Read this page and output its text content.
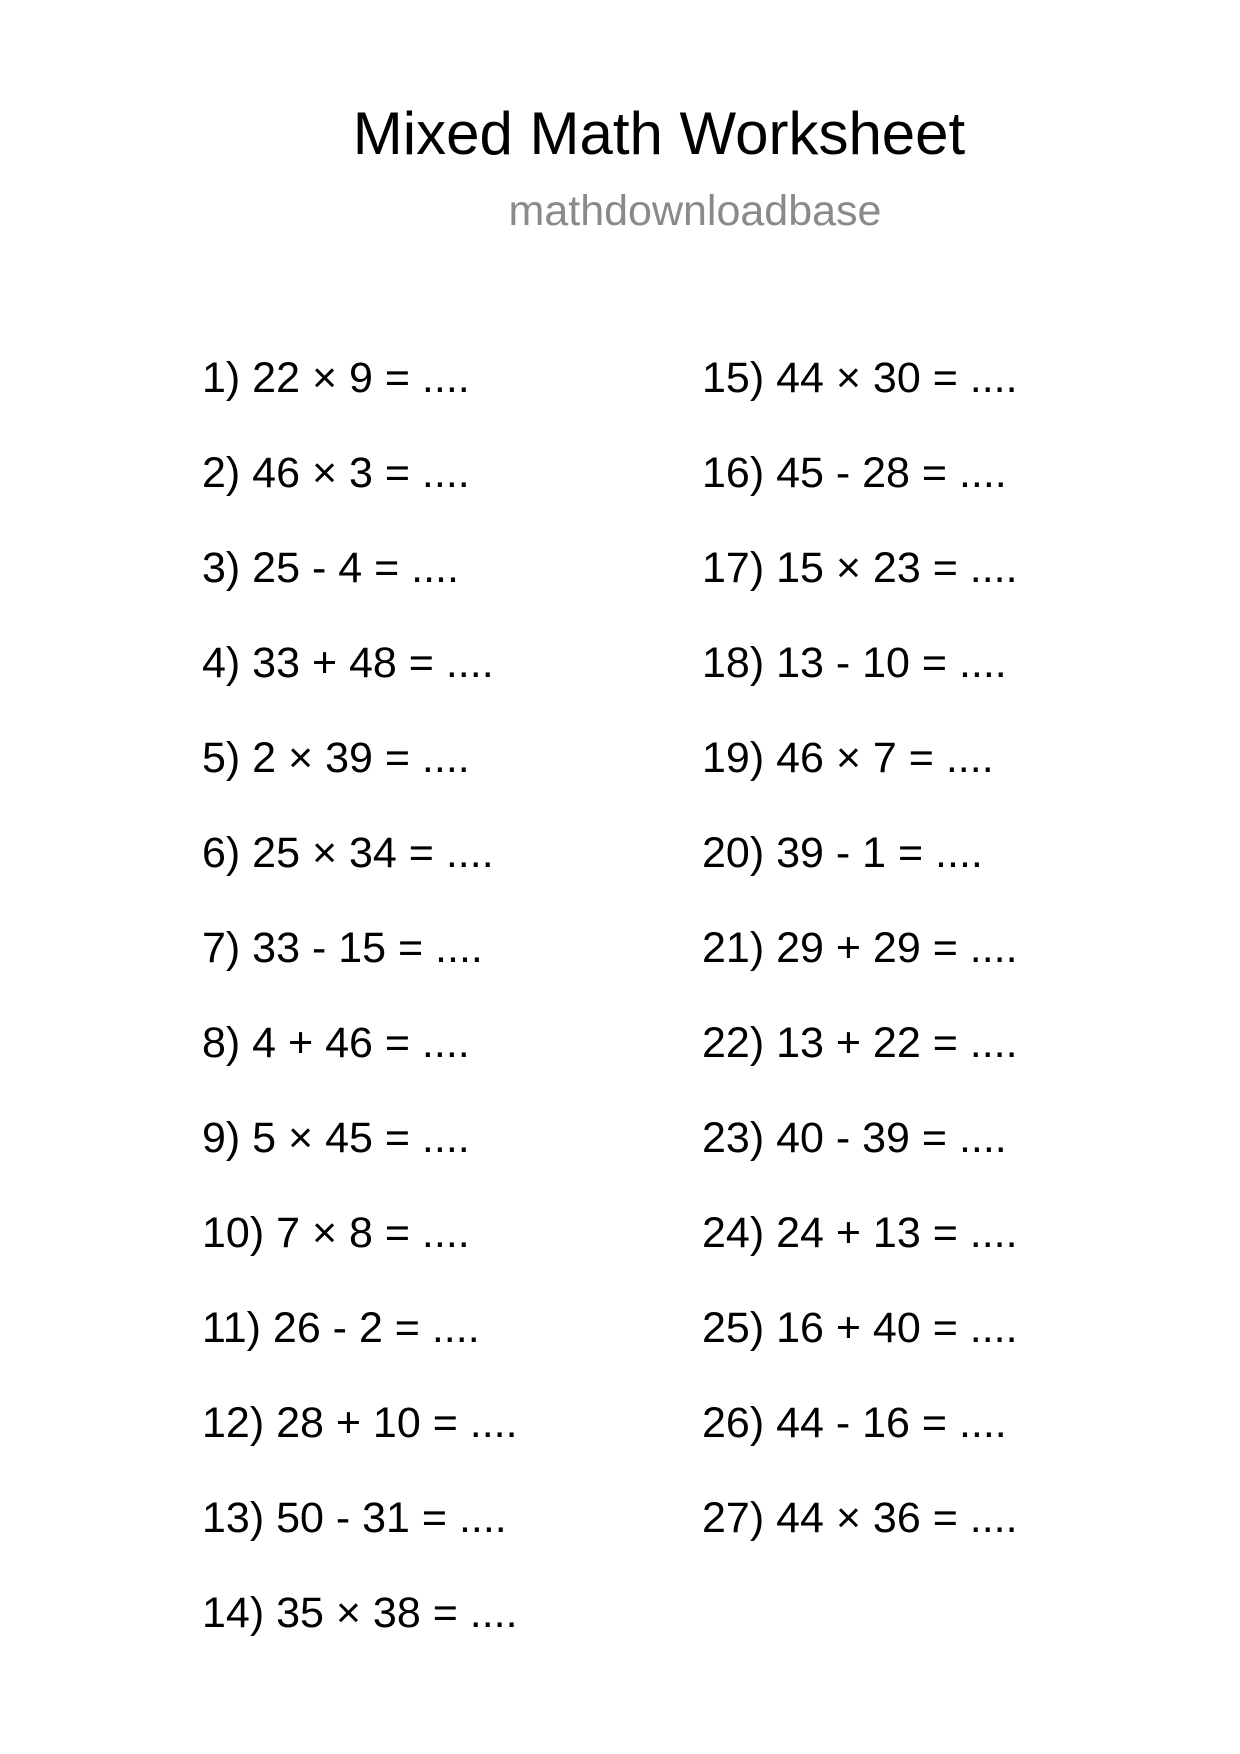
Mixed Math Worksheet
mathdownloadbase
1) 22 × 9 = ....
2) 46 × 3 = ....
3) 25 - 4 = ....
4) 33 + 48 = ....
5) 2 × 39 = ....
6) 25 × 34 = ....
7) 33 - 15 = ....
8) 4 + 46 = ....
9) 5 × 45 = ....
10) 7 × 8 = ....
11) 26 - 2 = ....
12) 28 + 10 = ....
13) 50 - 31 = ....
14) 35 × 38 = ....
15) 44 × 30 = ....
16) 45 - 28 = ....
17) 15 × 23 = ....
18) 13 - 10 = ....
19) 46 × 7 = ....
20) 39 - 1 = ....
21) 29 + 29 = ....
22) 13 + 22 = ....
23) 40 - 39 = ....
24) 24 + 13 = ....
25) 16 + 40 = ....
26) 44 - 16 = ....
27) 44 × 36 = ....
